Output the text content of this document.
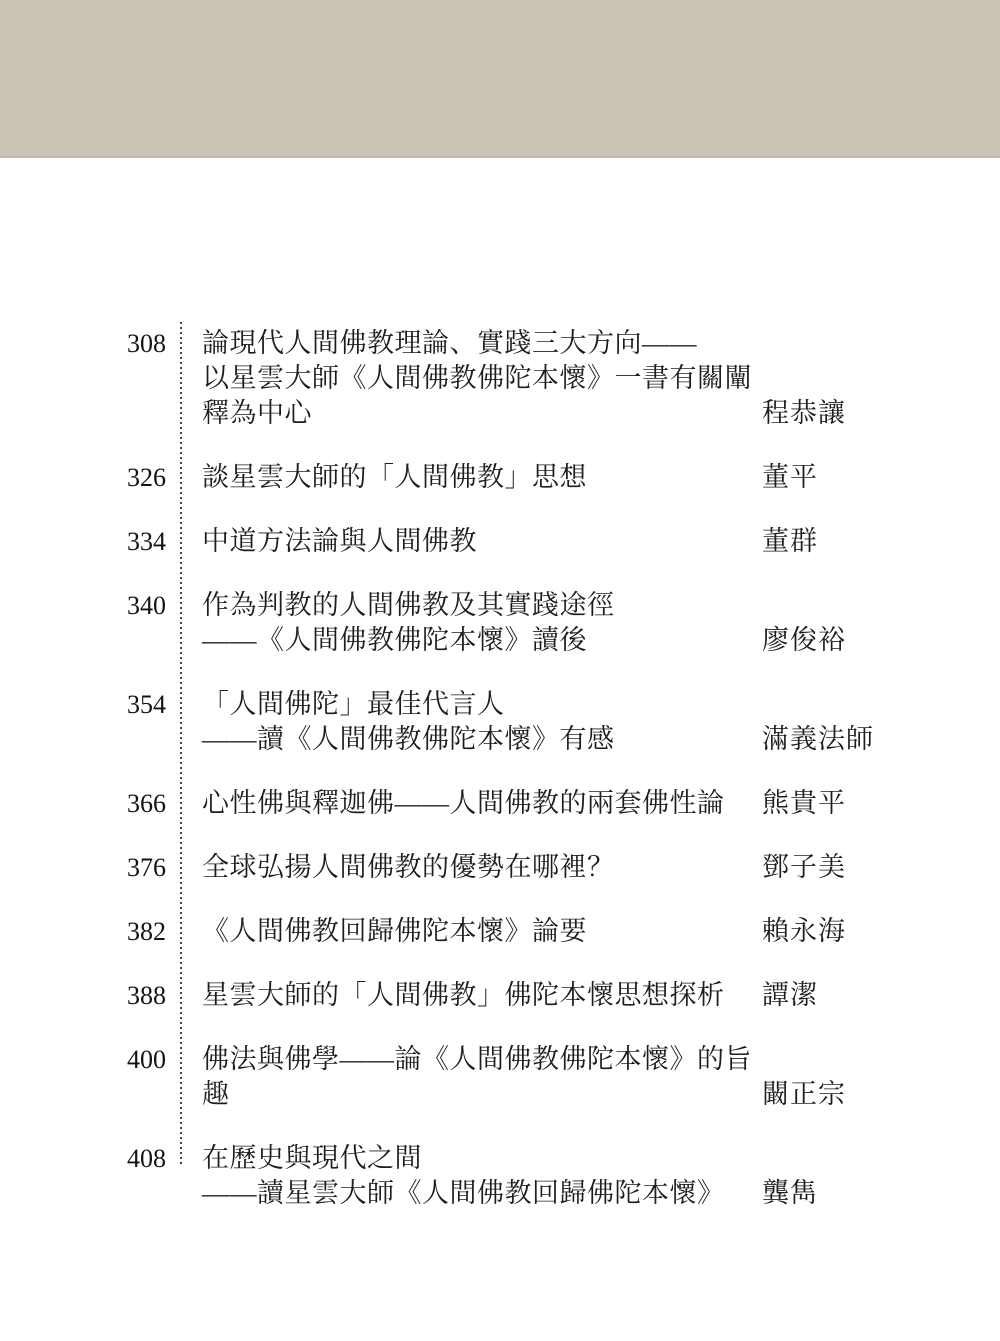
308 論現代人間佛教理論、實踐三大方向——
以星雲大師《人間佛教佛陀本懷》一書有關闡釋為中心	程恭讓
326 談星雲大師的「人間佛教」思想	董平
334 中道方法論與人間佛教	董群
340 作為判教的人間佛教及其實踐途徑
——《人間佛教佛陀本懷》讀後	廖俊裕
354 「人間佛陀」最佳代言人
——讀《人間佛教佛陀本懷》有感	滿義法師
366 心性佛與釋迦佛——人間佛教的兩套佛性論	熊貴平
376 全球弘揚人間佛教的優勢在哪裡？	鄧子美
382 《人間佛教回歸佛陀本懷》論要	賴永海
388 星雲大師的「人間佛教」佛陀本懷思想探析	譚潔
400 佛法與佛學——論《人間佛教佛陀本懷》的旨趣	闞正宗
408 在歷史與現代之間
——讀星雲大師《人間佛教回歸佛陀本懷》	龔雋
